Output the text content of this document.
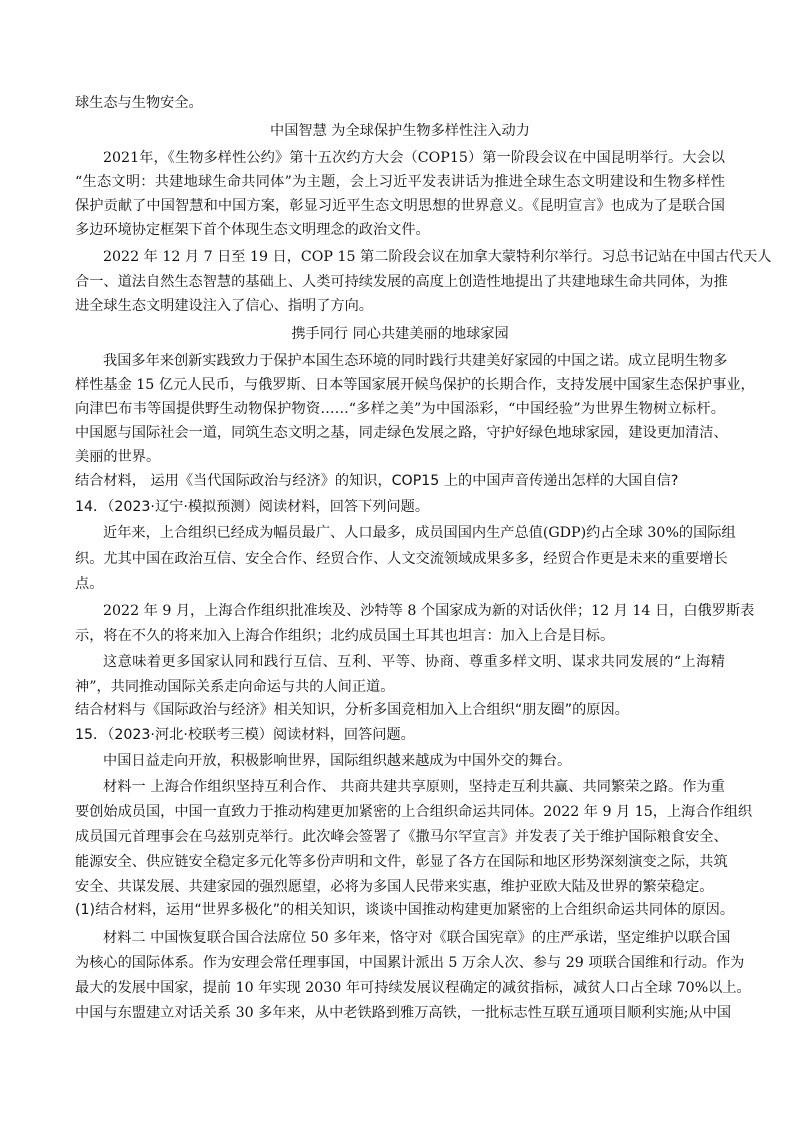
球生态与生物安全。

中国智慧 为全球保护生物多样性注入动力

2021年，《生物多样性公约》第十五次约方大会（COP15）第一阶段会议在中国昆明举行。大会以

“生态文明：共建地球生命共同体”为主题，会上习近平发表讲话为推进全球生态文明建设和生物多样性

保护贡献了中国智慧和中国方案，彰显习近平生态文明思想的世界意义。《昆明宣言》也成为了是联合国

多边环境协定框架下首个体现生态文明理念的政治文件。

2022 年 12 月 7 日至 19 日，COP 15 第二阶段会议在加拿大蒙特利尔举行。习总书记站在中国古代天人

合一、道法自然生态智慧的基础上、人类可持续发展的高度上创造性地提出了共建地球生命共同体，为推

进全球生态文明建设注入了信心、指明了方向。

携手同行 同心共建美丽的地球家园

我国多年来创新实践致力于保护本国生态环境的同时践行共建美好家园的中国之诺。成立昆明生物多

样性基金 15 亿元人民币，与俄罗斯、日本等国家展开候鸟保护的长期合作，支持发展中国家生态保护事业，

向津巴布韦等国提供野生动物保护物资……“多样之美”为中国添彩，“中国经验”为世界生物树立标杆。

中国愿与国际社会一道，同筑生态文明之基，同走绿色发展之路，守护好绿色地球家园，建设更加清洁、

美丽的世界。

结合材料， 运用《当代国际政治与经济》的知识，COP15 上的中国声音传递出怎样的大国自信?

14．（2023·辽宁·模拟预测）阅读材料，回答下列问题。

近年来，上合组织已经成为幅员最广、人口最多，成员国国内生产总值(GDP)约占全球 30%的国际组

织。尤其中国在政治互信、安全合作、经贸合作、人文交流领域成果多多，经贸合作更是未来的重要增长

点。

2022 年 9 月，上海合作组织批准埃及、沙特等 8 个国家成为新的对话伙伴；12 月 14 日，白俄罗斯表

示，将在不久的将来加入上海合作组织；北约成员国土耳其也坦言：加入上合是目标。

这意味着更多国家认同和践行互信、互利、平等、协商、尊重多样文明、谋求共同发展的“上海精

神”，共同推动国际关系走向命运与共的人间正道。

结合材料与《国际政治与经济》相关知识，分析多国竞相加入上合组织“朋友圈”的原因。

15．（2023·河北·校联考三模）阅读材料，回答问题。

中国日益走向开放，积极影响世界，国际组织越来越成为中国外交的舞台。

材料一 上海合作组织坚持互利合作、 共商共建共享原则，坚持走互利共赢、共同繁荣之路。作为重

要创始成员国，中国一直致力于推动构建更加紧密的上合组织命运共同体。2022 年 9 月 15，上海合作组织

成员国元首理事会在乌兹别克举行。此次峰会签署了《撒马尔罕宣言》并发表了关于维护国际粮食安全、

能源安全、供应链安全稳定多元化等多份声明和文件，彰显了各方在国际和地区形势深刻演变之际，共筑

安全、共谋发展、共建家园的强烈愿望，必将为多国人民带来实惠，维护亚欧大陆及世界的繁荣稳定。

(1)结合材料，运用“世界多极化”的相关知识，谈谈中国推动构建更加紧密的上合组织命运共同体的原因。

材料二 中国恢复联合国合法席位 50 多年来，恪守对《联合国宪章》的庄严承诺，坚定维护以联合国

为核心的国际体系。作为安理会常任理事国，中国累计派出 5 万余人次、参与 29 项联合国维和行动。作为

最大的发展中国家，提前 10 年实现 2030 年可持续发展议程确定的减贫指标，减贫人口占全球 70%以上。

中国与东盟建立对话关系 30 多年来，从中老铁路到雅万高铁，一批标志性互联互通项目顺利实施;从中国
